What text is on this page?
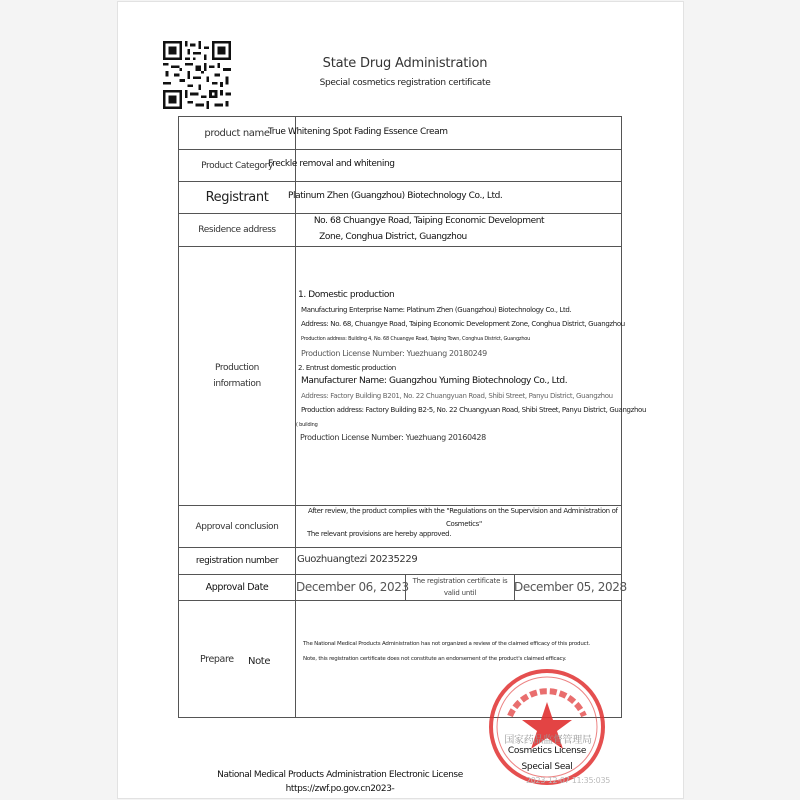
State Drug Administration
Special cosmetics registration certificate
product name
Product Category
Registrant
Residence address
Production
information
Approval conclusion
registration number
Approval Date
Prepare	Note
True Whitening Spot Fading Essence Cream
Freckle removal and whitening
Platinum Zhen (Guangzhou) Biotechnology Co., Ltd.
No. 68 Chuangye Road, Taiping Economic Development
Zone, Conghua District, Guangzhou
1. Domestic production
Manufacturing Enterprise Name: Platinum Zhen (Guangzhou) Biotechnology Co., Ltd.
Address: No. 68, Chuangye Road, Taiping Economic Development Zone, Conghua District, Guangzhou
Production address: Building 4, No. 68 Chuangye Road, Taiping Town, Conghua District, Guangzhou
Production License Number: Yuezhuang 20180249
2. Entrust domestic production
Manufacturer Name: Guangzhou Yuming Biotechnology Co., Ltd.
Address: Factory Building B201, No. 22 Chuangyuan Road, Shibi Street, Panyu District, Guangzhou
Production address: Factory Building B2-5, No. 22 Chuangyuan Road, Shibi Street, Panyu District, Guangzhou
( building
Production License Number: Yuezhuang 20160428
After review, the product complies with the "Regulations on the Supervision and Administration of
Cosmetics"
The relevant provisions are hereby approved.
Guozhuangtezi 20235229
December 06, 2023 The registration certificate is
valid until	December 05, 2028
The National Medical Products Administration has not organized a review of the claimed efficacy of this product.
Note, this registration certificate does not constitute an endorsement of the product's claimed efficacy.
国家药品监督管理局
Cosmetics License
Special Seal
2023-12-07 11:35:035
National Medical Products Administration Electronic License
https://zwf.po.gov.cn2023-
